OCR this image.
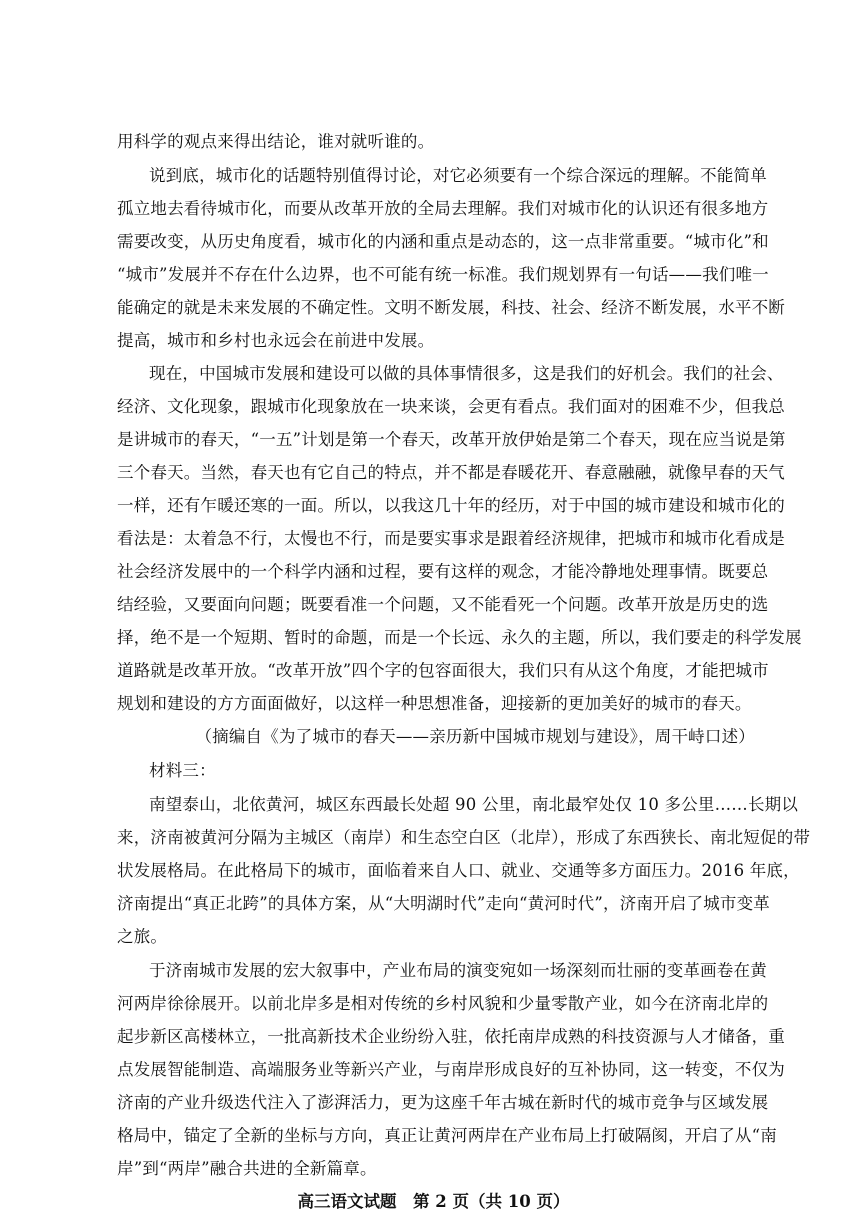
用科学的观点来得出结论，谁对就听谁的。
说到底，城市化的话题特别值得讨论，对它必须要有一个综合深远的理解。不能简单
孤立地去看待城市化，而要从改革开放的全局去理解。我们对城市化的认识还有很多地方
需要改变，从历史角度看，城市化的内涵和重点是动态的，这一点非常重要。“城市化”和
“城市”发展并不存在什么边界，也不可能有统一标准。我们规划界有一句话——我们唯一
能确定的就是未来发展的不确定性。文明不断发展，科技、社会、经济不断发展，水平不断
提高，城市和乡村也永远会在前进中发展。
现在，中国城市发展和建设可以做的具体事情很多，这是我们的好机会。我们的社会、
经济、文化现象，跟城市化现象放在一块来谈，会更有看点。我们面对的困难不少，但我总
是讲城市的春天，“一五”计划是第一个春天，改革开放伊始是第二个春天，现在应当说是第
三个春天。当然，春天也有它自己的特点，并不都是春暖花开、春意融融，就像早春的天气
一样，还有乍暖还寒的一面。所以，以我这几十年的经历，对于中国的城市建设和城市化的
看法是：太着急不行，太慢也不行，而是要实事求是跟着经济规律，把城市和城市化看成是
社会经济发展中的一个科学内涵和过程，要有这样的观念，才能冷静地处理事情。既要总
结经验，又要面向问题；既要看准一个问题，又不能看死一个问题。改革开放是历史的选
择，绝不是一个短期、暂时的命题，而是一个长远、永久的主题，所以，我们要走的科学发展
道路就是改革开放。“改革开放”四个字的包容面很大，我们只有从这个角度，才能把城市
规划和建设的方方面面做好，以这样一种思想准备，迎接新的更加美好的城市的春天。
（摘编自《为了城市的春天——亲历新中国城市规划与建设》，周干峙口述）
材料三：
南望泰山，北依黄河，城区东西最长处超 90 公里，南北最窄处仅 10 多公里……长期以
来，济南被黄河分隔为主城区（南岸）和生态空白区（北岸），形成了东西狭长、南北短促的带
状发展格局。在此格局下的城市，面临着来自人口、就业、交通等多方面压力。2016 年底，
济南提出“真正北跨”的具体方案，从“大明湖时代”走向“黄河时代”，济南开启了城市变革
之旅。
于济南城市发展的宏大叙事中，产业布局的演变宛如一场深刻而壮丽的变革画卷在黄
河两岸徐徐展开。以前北岸多是相对传统的乡村风貌和少量零散产业，如今在济南北岸的
起步新区高楼林立，一批高新技术企业纷纷入驻，依托南岸成熟的科技资源与人才储备，重
点发展智能制造、高端服务业等新兴产业，与南岸形成良好的互补协同，这一转变，不仅为
济南的产业升级迭代注入了澎湃活力，更为这座千年古城在新时代的城市竞争与区域发展
格局中，锚定了全新的坐标与方向，真正让黄河两岸在产业布局上打破隔阂，开启了从“南
岸”到“两岸”融合共进的全新篇章。
高三语文试题　第 2 页（共 10 页）
